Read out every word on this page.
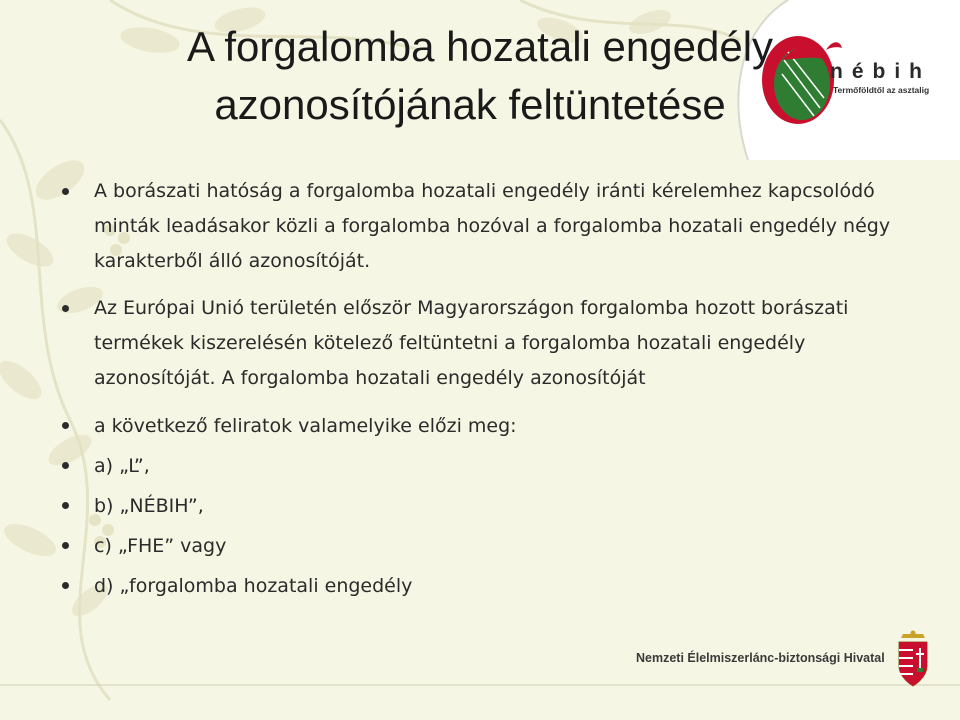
nébih
Termőföldtől az asztalig
A forgalomba hozatali engedély
azonosítójának feltüntetése
A borászati hatóság a forgalomba hozatali engedély iránti kérelemhez kapcsolódó minták leadásakor közli a forgalomba hozóval a forgalomba hozatali engedély négy karakterből álló azonosítóját.
Az Európai Unió területén először Magyarországon forgalomba hozott borászati termékek kiszerelésén kötelező feltüntetni a forgalomba hozatali engedély azonosítóját. A forgalomba hozatali engedély azonosítóját
a következő feliratok valamelyike előzi meg:
a) „L”,
b) „NÉBIH”,
c) „FHE” vagy
d) „forgalomba hozatali engedély
Nemzeti Élelmiszerlánc-biztonsági Hivatal
